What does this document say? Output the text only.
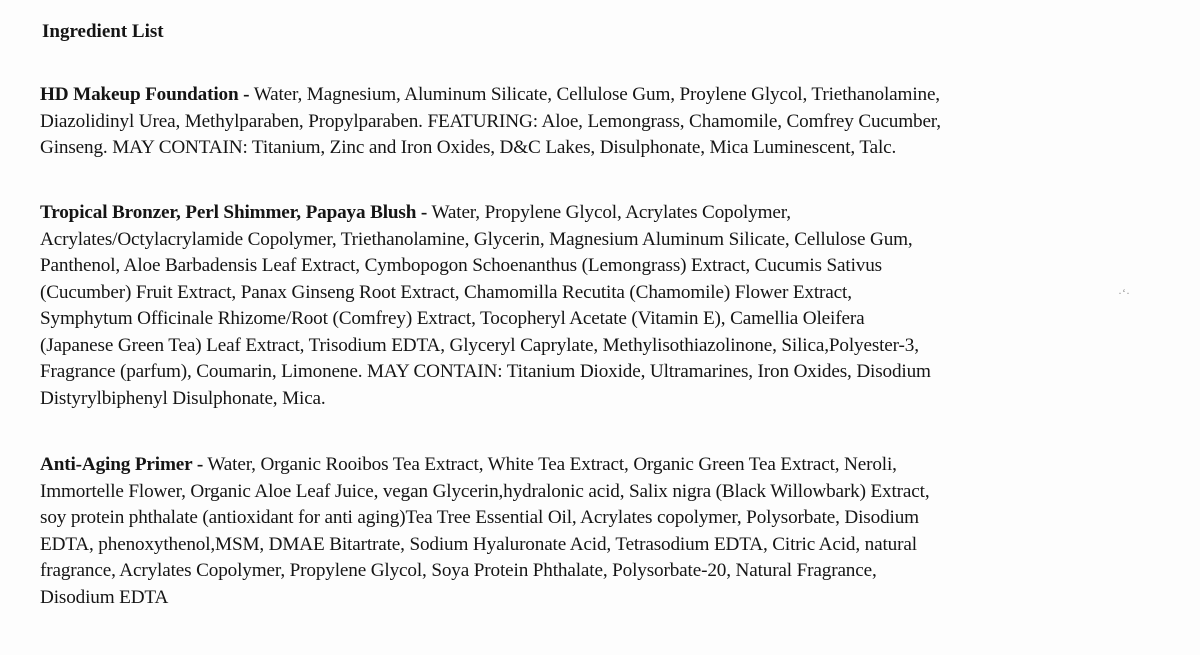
Ingredient List
HD Makeup Foundation - Water, Magnesium, Aluminum Silicate, Cellulose Gum, Proylene Glycol, Triethanolamine,
Diazolidinyl Urea, Methylparaben, Propylparaben. FEATURING: Aloe, Lemongrass, Chamomile, Comfrey Cucumber,
Ginseng. MAY CONTAIN: Titanium, Zinc and Iron Oxides, D&C Lakes, Disulphonate, Mica Luminescent, Talc.
Tropical Bronzer, Perl Shimmer, Papaya Blush - Water, Propylene Glycol, Acrylates Copolymer,
Acrylates/Octylacrylamide Copolymer, Triethanolamine, Glycerin, Magnesium Aluminum Silicate, Cellulose Gum,
Panthenol, Aloe Barbadensis Leaf Extract, Cymbopogon Schoenanthus (Lemongrass) Extract, Cucumis Sativus
(Cucumber) Fruit Extract, Panax Ginseng Root Extract, Chamomilla Recutita (Chamomile) Flower Extract,
Symphytum Officinale Rhizome/Root (Comfrey) Extract, Tocopheryl Acetate (Vitamin E), Camellia Oleifera
(Japanese Green Tea) Leaf Extract, Trisodium EDTA, Glyceryl Caprylate, Methylisothiazolinone, Silica,Polyester-3,
Fragrance (parfum), Coumarin, Limonene. MAY CONTAIN: Titanium Dioxide, Ultramarines, Iron Oxides, Disodium
Distyrylbiphenyl Disulphonate, Mica.
Anti-Aging Primer - Water, Organic Rooibos Tea Extract, White Tea Extract, Organic Green Tea Extract, Neroli,
Immortelle Flower, Organic Aloe Leaf Juice, vegan Glycerin,hydralonic acid, Salix nigra (Black Willowbark) Extract,
soy protein phthalate (antioxidant for anti aging)Tea Tree Essential Oil, Acrylates copolymer, Polysorbate, Disodium
EDTA, phenoxythenol,MSM, DMAE Bitartrate, Sodium Hyaluronate Acid, Tetrasodium EDTA, Citric Acid, natural
fragrance, Acrylates Copolymer, Propylene Glycol, Soya Protein Phthalate, Polysorbate-20, Natural Fragrance,
Disodium EDTA
·ʻ·
